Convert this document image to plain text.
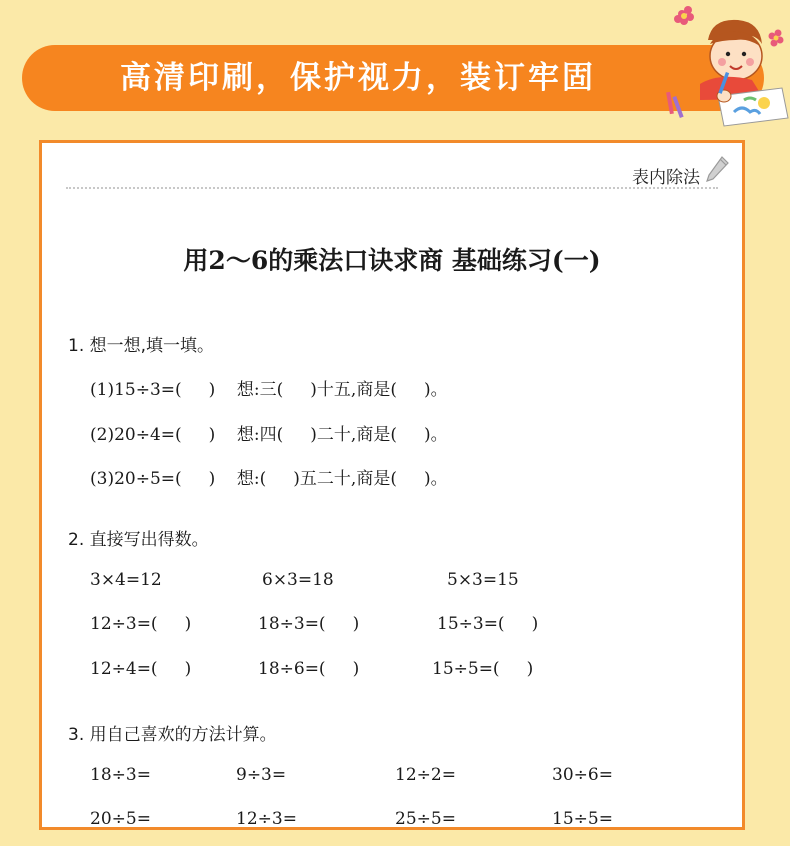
高清印刷，保护视力，装订牢固
表内除法
用2～6的乘法口诀求商 基础练习(一)
1. 想一想,填一填。
(1)15÷3=(     )    想:三(     )十五,商是(     )。
(2)20÷4=(     )    想:四(     )二十,商是(     )。
(3)20÷5=(     )    想:(     )五二十,商是(     )。
2. 直接写出得数。
3×4=12	6×3=18	5×3=15
12÷3=(     )	18÷3=(     )	15÷3=(     )
12÷4=(     )	18÷6=(     )	15÷5=(     )
3. 用自己喜欢的方法计算。
18÷3=	9÷3=	12÷2=	30÷6=
20÷5=	12÷3=	25÷5=	15÷5=
